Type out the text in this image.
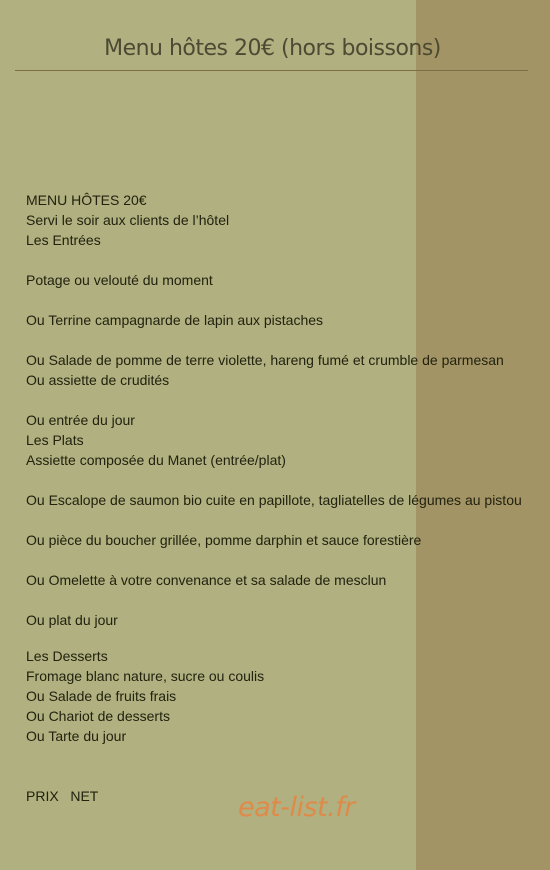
Menu hôtes 20€ (hors boissons)
MENU HÔTES 20€
Servi le soir aux clients de l’hôtel
Les Entrées
Potage ou velouté du moment
Ou Terrine campagnarde de lapin aux pistaches
Ou Salade de pomme de terre violette, hareng fumé et crumble de parmesan
Ou assiette de crudités
Ou entrée du jour
Les Plats
Assiette composée du Manet (entrée/plat)
Ou Escalope de saumon bio cuite en papillote, tagliatelles de légumes au pistou
Ou pièce du boucher grillée, pomme darphin et sauce forestière
Ou Omelette à votre convenance et sa salade de mesclun
Ou plat du jour
Les Desserts
Fromage blanc nature, sucre ou coulis
Ou Salade de fruits frais
Ou Chariot de desserts
Ou Tarte du jour
PRIX   NET	eat-list.fr
